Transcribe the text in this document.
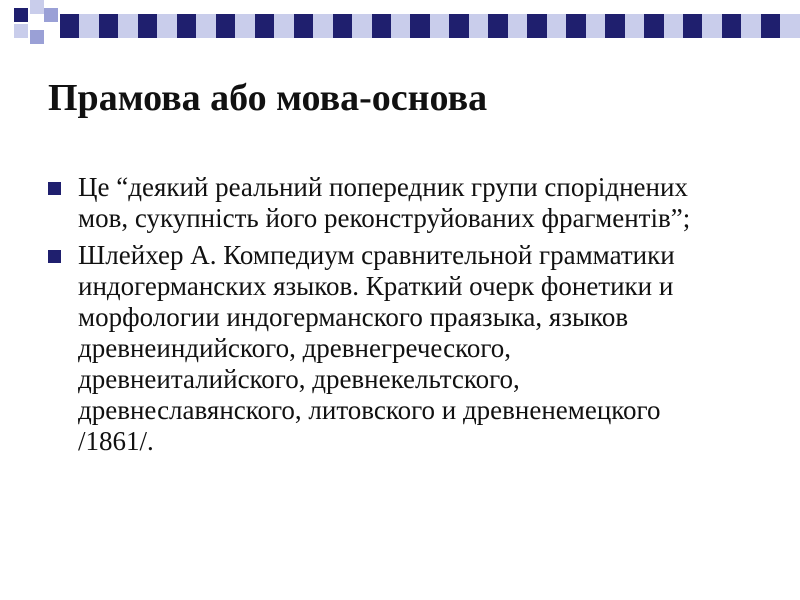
Прамова або мова-основа
Це “деякий реальний попередник групи споріднених мов, сукупність його реконструйованих фрагментів”;
Шлейхер А. Компедиум сравнительной грамматики индогерманских языков. Краткий очерк фонетики и морфологии индогерманского праязыка, языков древнеиндийского, древнегреческого, древнеиталийского, древнекельтского, древнеславянского, литовского и древненемецкого /1861/.
